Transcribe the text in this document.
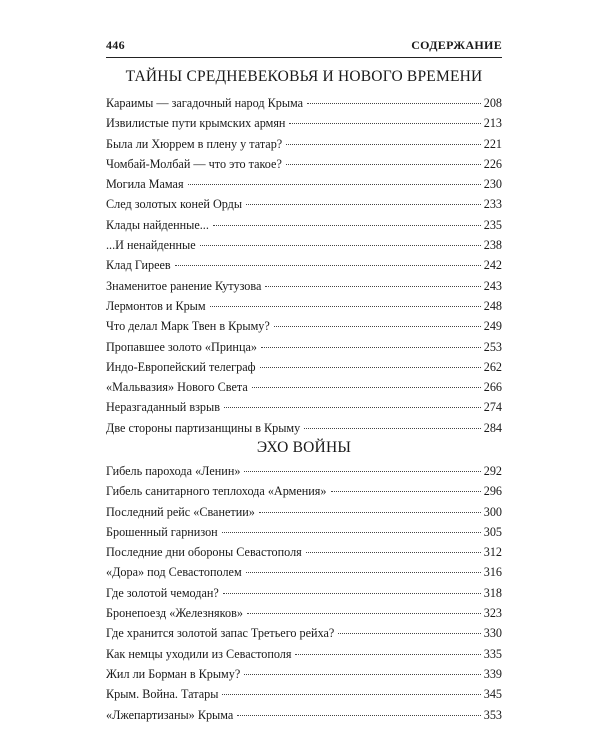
446	СОДЕРЖАНИЕ
ТАЙНЫ СРЕДНЕВЕКОВЬЯ И НОВОГО ВРЕМЕНИ
Караимы — загадочный народ Крыма	208
Извилистые пути крымских армян	213
Была ли Хюррем в плену у татар?	221
Чомбай-Молбай — что это такое?	226
Могила Мамая	230
След золотых коней Орды	233
Клады найденные...	235
...И ненайденные	238
Клад Гиреев	242
Знаменитое ранение Кутузова	243
Лермонтов и Крым	248
Что делал Марк Твен в Крыму?	249
Пропавшее золото «Принца»	253
Индо-Европейский телеграф	262
«Мальвазия» Нового Света	266
Неразгаданный взрыв	274
Две стороны партизанщины в Крыму	284
ЭХО ВОЙНЫ
Гибель парохода «Ленин»	292
Гибель санитарного теплохода «Армения»	296
Последний рейс «Сванетии»	300
Брошенный гарнизон	305
Последние дни обороны Севастополя	312
«Дора» под Севастополем	316
Где золотой чемодан?	318
Бронепоезд «Железняков»	323
Где хранится золотой запас Третьего рейха?	330
Как немцы уходили из Севастополя	335
Жил ли Борман в Крыму?	339
Крым. Война. Татары	345
«Лжепартизаны» Крыма	353
